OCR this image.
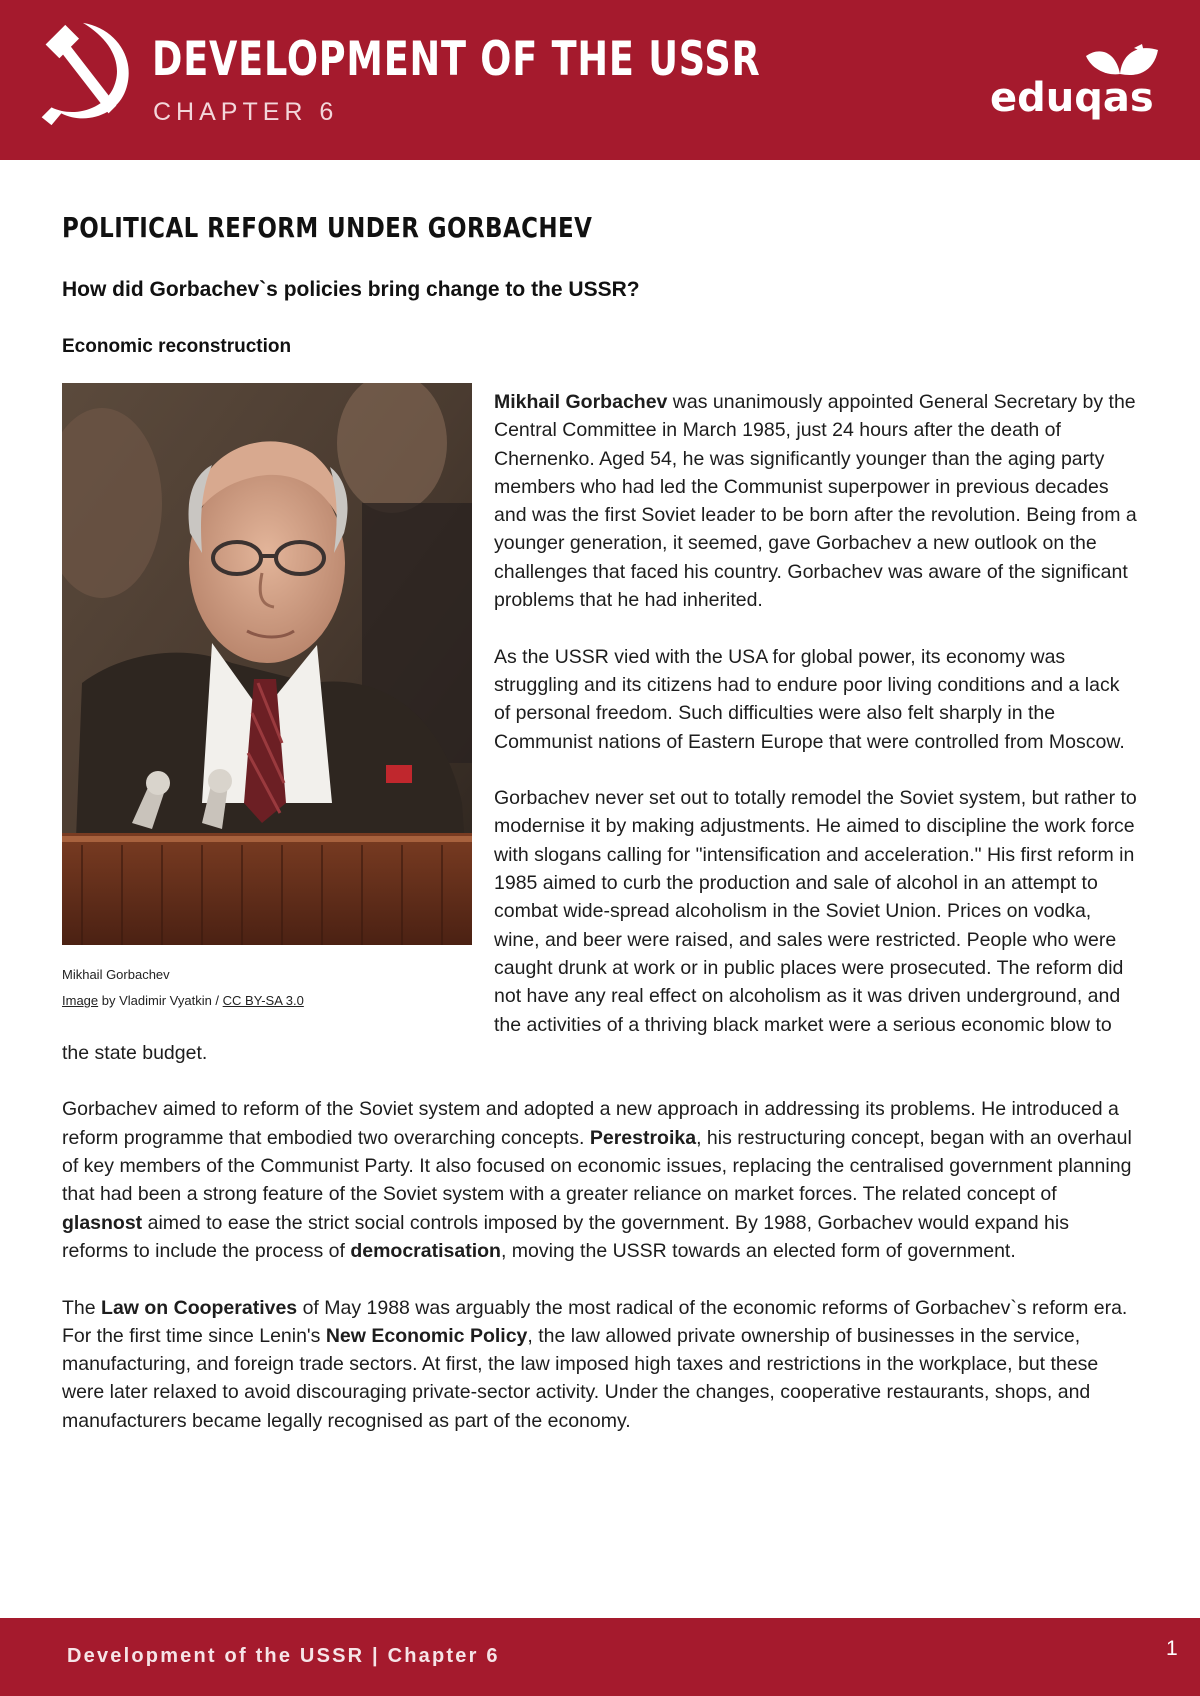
DEVELOPMENT OF THE USSR
CHAPTER 6	eduqas
POLITICAL REFORM UNDER GORBACHEV
How did Gorbachev`s policies bring change to the USSR?
Economic reconstruction
Mikhail Gorbachev
Image by Vladimir Vyatkin / CC BY-SA 3.0

Mikhail Gorbachev was unanimously appointed General Secretary by the Central Committee in March 1985, just 24 hours after the death of Chernenko. Aged 54, he was significantly younger than the aging party members who had led the Communist superpower in previous decades and was the first Soviet leader to be born after the revolution. Being from a younger generation, it seemed, gave Gorbachev a new outlook on the challenges that faced his country. Gorbachev was aware of the significant problems that he had inherited.

As the USSR vied with the USA for global power, its economy was struggling and its citizens had to endure poor living conditions and a lack of personal freedom. Such difficulties were also felt sharply in the Communist nations of Eastern Europe that were controlled from Moscow.

Gorbachev never set out to totally remodel the Soviet system, but rather to modernise it by making adjustments. He aimed to discipline the work force with slogans calling for "intensification and acceleration." His first reform in 1985 aimed to curb the production and sale of alcohol in an attempt to combat wide-spread alcoholism in the Soviet Union. Prices on vodka, wine, and beer were raised, and sales were restricted. People who were caught drunk at work or in public places were prosecuted. The reform did not have any real effect on alcoholism as it was driven underground, and the activities of a thriving black market were a serious economic blow to the state budget.

Gorbachev aimed to reform of the Soviet system and adopted a new approach in addressing its problems. He introduced a reform programme that embodied two overarching concepts. Perestroika, his restructuring concept, began with an overhaul of key members of the Communist Party. It also focused on economic issues, replacing the centralised government planning that had been a strong feature of the Soviet system with a greater reliance on market forces. The related concept of glasnost aimed to ease the strict social controls imposed by the government. By 1988, Gorbachev would expand his reforms to include the process of democratisation, moving the USSR towards an elected form of government.

The Law on Cooperatives of May 1988 was arguably the most radical of the economic reforms of Gorbachev`s reform era. For the first time since Lenin's New Economic Policy, the law allowed private ownership of businesses in the service, manufacturing, and foreign trade sectors. At first, the law imposed high taxes and restrictions in the workplace, but these were later relaxed to avoid discouraging private-sector activity. Under the changes, cooperative restaurants, shops, and manufacturers became legally recognised as part of the economy.

Development of the USSR | Chapter 6	1
